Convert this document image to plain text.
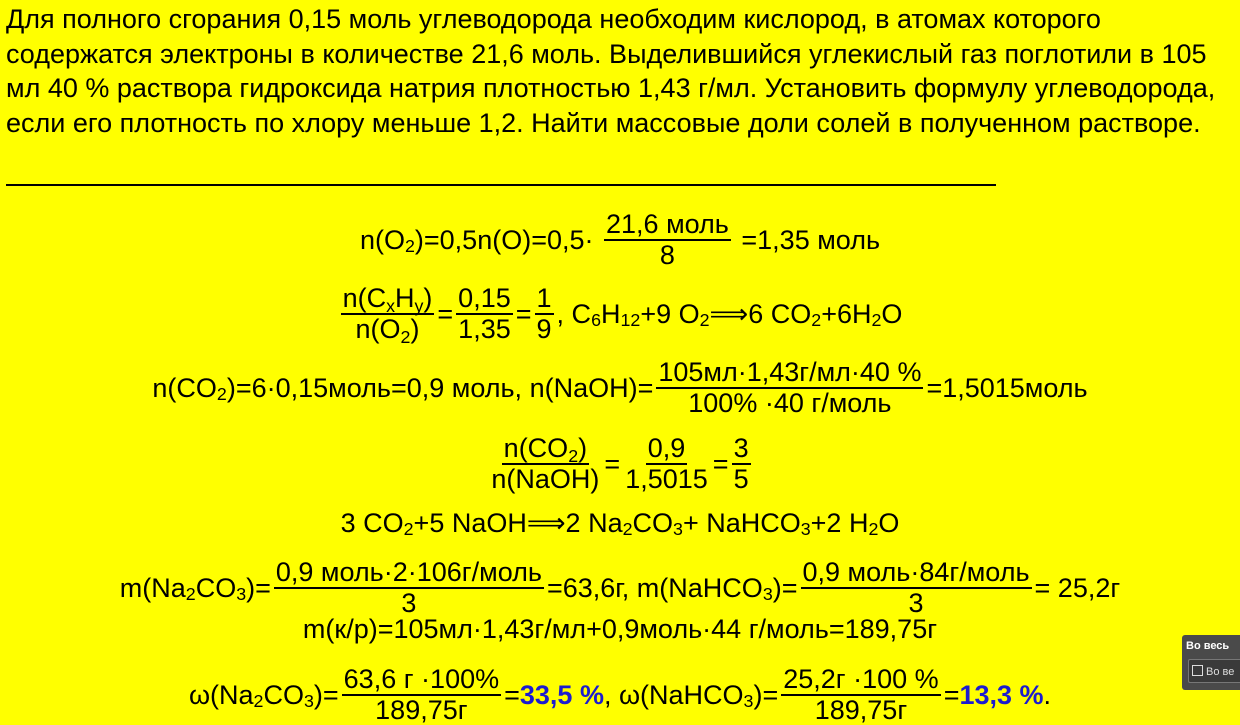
Для полного сгорания 0,15 моль углеводорода необходим кислород, в атомах которого содержатся электроны в количестве 21,6 моль. Выделившийся углекислый газ поглотили в 105 мл 40 % раствора гидроксида натрия плотностью 1,43 г/мл. Установить формулу углеводорода, если его плотность по хлору меньше 1,2. Найти массовые доли солей в полученном растворе.

$n(O_2)=0,5n(O)=0,5\cdot \frac{\text{21,6 моль}}{8} =1,35$ моль
$\frac{n(C_xH_y)}{n(O_2)} = \frac{0,15}{1,35} = \frac{1}{9}$ , $C_6H_{12}+9$ $O_2⟹6$ $CO_2+6H_2O$
$n(CO_2)=6\cdot 0,15моль=0,9$ моль, n(NaOH)= $\frac{105мл\cdot 1,43г/мл\cdot 40 \%}{\text{100\% ·40 г/моль}}$ =1,5015моль
$\frac{n(CO_2)}{\text{n(NaOH)}} = \frac{0,9}{1,5015} = \frac{3}{5}$
3 $CO_2+5$ NaOH⟹2 $Na_2CO_3+$ NaHCO$_3$+2 $H_2O$
$m(Na_2CO_3)= \frac{\text{0,9 моль·2·106г/моль}}{3} =63,6г$, m(NaHCO$_3$)= $\frac{\text{0,9 моль·84г/моль}}{3} = 25,2г$
m(к/р)=105мл·1,43г/мл+0,9моль·44 г/моль=189,75г
$\omega(Na_2CO_3)= \frac{63,6 г \cdot 100\%}{189,75г} =33,5$ %, ω(NaHCO$_3$)= $\frac{25,2г \cdot 100 \%}{189,75г} =13,3$ %.
Во весь
Во ве
